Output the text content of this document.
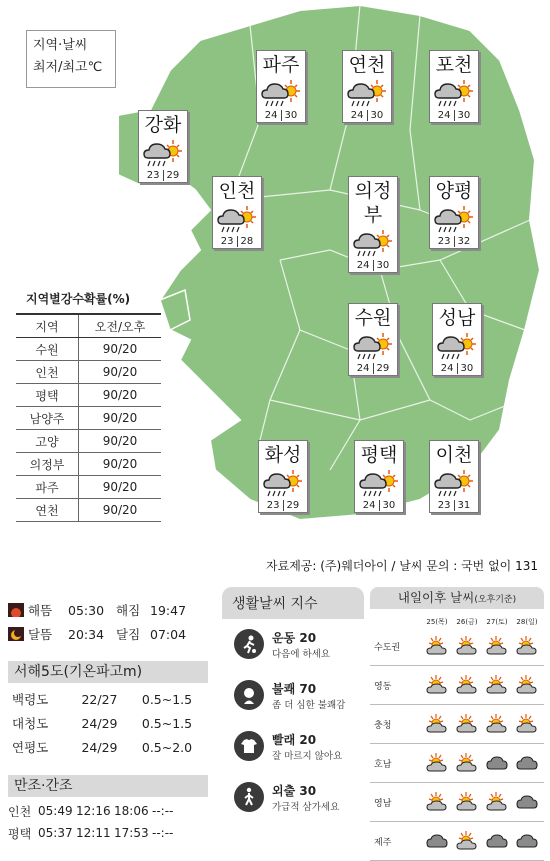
지역·날씨
최저/최고℃	파주
24 30
연천
24 30
포천
24 30
강화
23 29
인천
23 28
의정부
24 30
양평
23 32
수원
24 29
성남
24 30
화성
23 29
평택
24 30
이천
23 31
지역별강수확률(%)
지역	오전/오후
수원	90/20
인천	90/20
평택	90/20
남양주	90/20
고양	90/20
의정부	90/20
파주	90/20
연천	90/20
자료제공: (주)웨더아이 / 날씨 문의 : 국번 없이 131
해뜸	05:30 해짐 19:47
달뜸	20:34 달짐 07:04
서해5도(기온파고m)
백령도	22/27	0.5~1.5
대청도	24/29	0.5~1.5
연평도	24/29	0.5~2.0
만조·간조
인천 05:49 12:16 18:06 --:--
평택 05:37 12:11 17:53 --:--
생활날씨 지수
운동 20
다음에 하세요
불쾌 70
좀 더 심한 불쾌감
빨래 20
잘 마르지 않아요
외출 30
가급적 삼가세요
내일이후 날씨(오후기준)
25(목)	26(금)	27(토)	28(일)
수도권
영동
충청
호남
영남
제주
